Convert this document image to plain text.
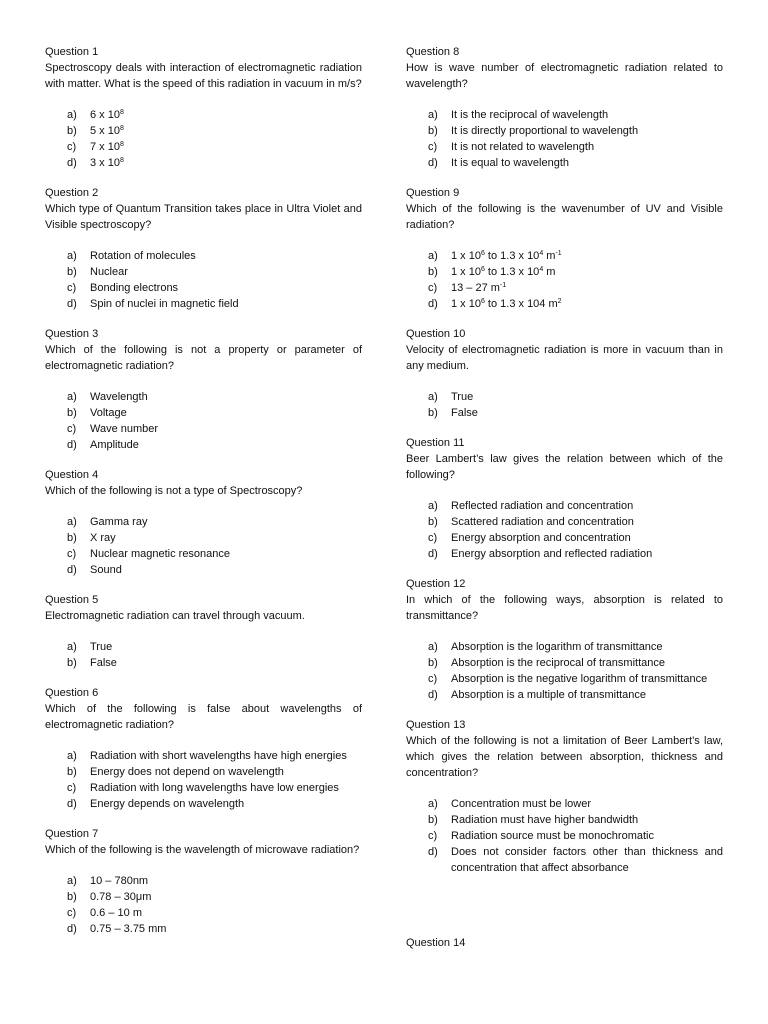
Question 1
Spectroscopy deals with interaction of electromagnetic radiation with matter. What is the speed of this radiation in vacuum in m/s?
a)	6 x $10^8$
b)	5 x $10^8$
c)	7 x $10^8$
d)	3 x $10^8$
Question 2
Which type of Quantum Transition takes place in Ultra Violet and Visible spectroscopy?
a)	Rotation of molecules
b)	Nuclear
c)	Bonding electrons
d)	Spin of nuclei in magnetic field
Question 3
Which of the following is not a property or parameter of electromagnetic radiation?
a)	Wavelength
b)	Voltage
c)	Wave number
d)	Amplitude
Question 4
Which of the following is not a type of Spectroscopy?
a)	Gamma ray
b)	X ray
c)	Nuclear magnetic resonance
d)	Sound
Question 5
Electromagnetic radiation can travel through vacuum.
a)	True
b)	False
Question 6
Which of the following is false about wavelengths of electromagnetic radiation?
a)	Radiation with short wavelengths have high energies
b)	Energy does not depend on wavelength
c)	Radiation with long wavelengths have low energies
d)	Energy depends on wavelength
Question 7
Which of the following is the wavelength of microwave radiation?
a)	10 – 780nm
b)	0.78 – 30μm
c)	0.6 – 10 m
d)	0.75 – 3.75 mm
Question 8
How is wave number of electromagnetic radiation related to wavelength?
a)	It is the reciprocal of wavelength
b)	It is directly proportional to wavelength
c)	It is not related to wavelength
d)	It is equal to wavelength
Question 9
Which of the following is the wavenumber of UV and Visible radiation?
a)	1 x $10^6$ to 1.3 x $10^4$ $m^{-1}$
b)	1 x $10^6$ to 1.3 x $10^4$ m
c)	13 – 27 $m^{-1}$
d)	1 x $10^6$ to 1.3 x 104 $m^2$
Question 10
Velocity of electromagnetic radiation is more in vacuum than in any medium.
a)	True
b)	False
Question 11
Beer Lambert’s law gives the relation between which of the following?
a)	Reflected radiation and concentration
b)	Scattered radiation and concentration
c)	Energy absorption and concentration
d)	Energy absorption and reflected radiation
Question 12
In which of the following ways, absorption is related to transmittance?
a)	Absorption is the logarithm of transmittance
b)	Absorption is the reciprocal of transmittance
c)	Absorption is the negative logarithm of transmittance
d)	Absorption is a multiple of transmittance
Question 13
Which of the following is not a limitation of Beer Lambert’s law, which gives the relation between absorption, thickness and concentration?
a)	Concentration must be lower
b)	Radiation must have higher bandwidth
c)	Radiation source must be monochromatic
d)	Does not consider factors other than thickness and concentration that affect absorbance
Question 14
